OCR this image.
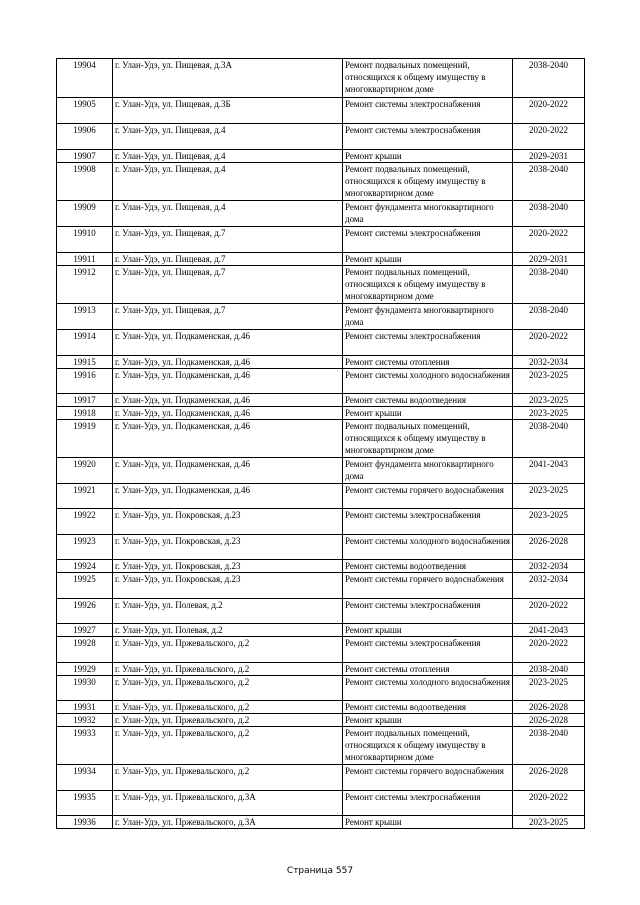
19904	г. Улан-Удэ, ул. Пищевая, д.3А	Ремонт подвальных помещений, относящихся к общему имуществу в многоквартирном доме	2038-2040
19905	г. Улан-Удэ, ул. Пищевая, д.3Б	Ремонт системы электроснабжения	2020-2022
19906	г. Улан-Удэ, ул. Пищевая, д.4	Ремонт системы электроснабжения	2020-2022
19907	г. Улан-Удэ, ул. Пищевая, д.4	Ремонт крыши	2029-2031
19908	г. Улан-Удэ, ул. Пищевая, д.4	Ремонт подвальных помещений, относящихся к общему имуществу в многоквартирном доме	2038-2040
19909	г. Улан-Удэ, ул. Пищевая, д.4	Ремонт фундамента многоквартирного дома	2038-2040
19910	г. Улан-Удэ, ул. Пищевая, д.7	Ремонт системы электроснабжения	2020-2022
19911	г. Улан-Удэ, ул. Пищевая, д.7	Ремонт крыши	2029-2031
19912	г. Улан-Удэ, ул. Пищевая, д.7	Ремонт подвальных помещений, относящихся к общему имуществу в многоквартирном доме	2038-2040
19913	г. Улан-Удэ, ул. Пищевая, д.7	Ремонт фундамента многоквартирного дома	2038-2040
19914	г. Улан-Удэ, ул. Подкаменская, д.46	Ремонт системы электроснабжения	2020-2022
19915	г. Улан-Удэ, ул. Подкаменская, д.46	Ремонт системы отопления	2032-2034
19916	г. Улан-Удэ, ул. Подкаменская, д.46	Ремонт системы холодного водоснабжения	2023-2025
19917	г. Улан-Удэ, ул. Подкаменская, д.46	Ремонт системы водоотведения	2023-2025
19918	г. Улан-Удэ, ул. Подкаменская, д.46	Ремонт крыши	2023-2025
19919	г. Улан-Удэ, ул. Подкаменская, д.46	Ремонт подвальных помещений, относящихся к общему имуществу в многоквартирном доме	2038-2040
19920	г. Улан-Удэ, ул. Подкаменская, д.46	Ремонт фундамента многоквартирного дома	2041-2043
19921	г. Улан-Удэ, ул. Подкаменская, д.46	Ремонт системы горячего водоснабжения	2023-2025
19922	г. Улан-Удэ, ул. Покровская, д.23	Ремонт системы электроснабжения	2023-2025
19923	г. Улан-Удэ, ул. Покровская, д.23	Ремонт системы холодного водоснабжения	2026-2028
19924	г. Улан-Удэ, ул. Покровская, д.23	Ремонт системы водоотведения	2032-2034
19925	г. Улан-Удэ, ул. Покровская, д.23	Ремонт системы горячего водоснабжения	2032-2034
19926	г. Улан-Удэ, ул. Полевая, д.2	Ремонт системы электроснабжения	2020-2022
19927	г. Улан-Удэ, ул. Полевая, д.2	Ремонт крыши	2041-2043
19928	г. Улан-Удэ, ул. Пржевальского, д.2	Ремонт системы электроснабжения	2020-2022
19929	г. Улан-Удэ, ул. Пржевальского, д.2	Ремонт системы отопления	2038-2040
19930	г. Улан-Удэ, ул. Пржевальского, д.2	Ремонт системы холодного водоснабжения	2023-2025
19931	г. Улан-Удэ, ул. Пржевальского, д.2	Ремонт системы водоотведения	2026-2028
19932	г. Улан-Удэ, ул. Пржевальского, д.2	Ремонт крыши	2026-2028
19933	г. Улан-Удэ, ул. Пржевальского, д.2	Ремонт подвальных помещений, относящихся к общему имуществу в многоквартирном доме	2038-2040
19934	г. Улан-Удэ, ул. Пржевальского, д.2	Ремонт системы горячего водоснабжения	2026-2028
19935	г. Улан-Удэ, ул. Пржевальского, д.3А	Ремонт системы электроснабжения	2020-2022
19936	г. Улан-Удэ, ул. Пржевальского, д.3А	Ремонт крыши	2023-2025
Страница 557
